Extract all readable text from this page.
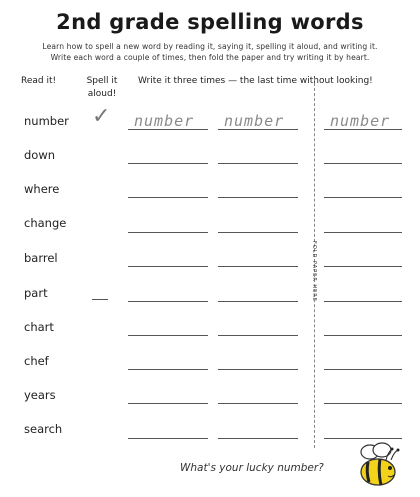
2nd grade spelling words
Learn how to spell a new word by reading it, saying it, spelling it aloud, and writing it.
Write each word a couple of times, then fold the paper and try writing it by heart.
Read it!	Spell it
aloud!
Write it three times — the last time without looking!
number
down
where
change
barrel
part
chart
chef
years
search
✓ number number	number
FOLD PAPER HERE
What's your lucky number?
